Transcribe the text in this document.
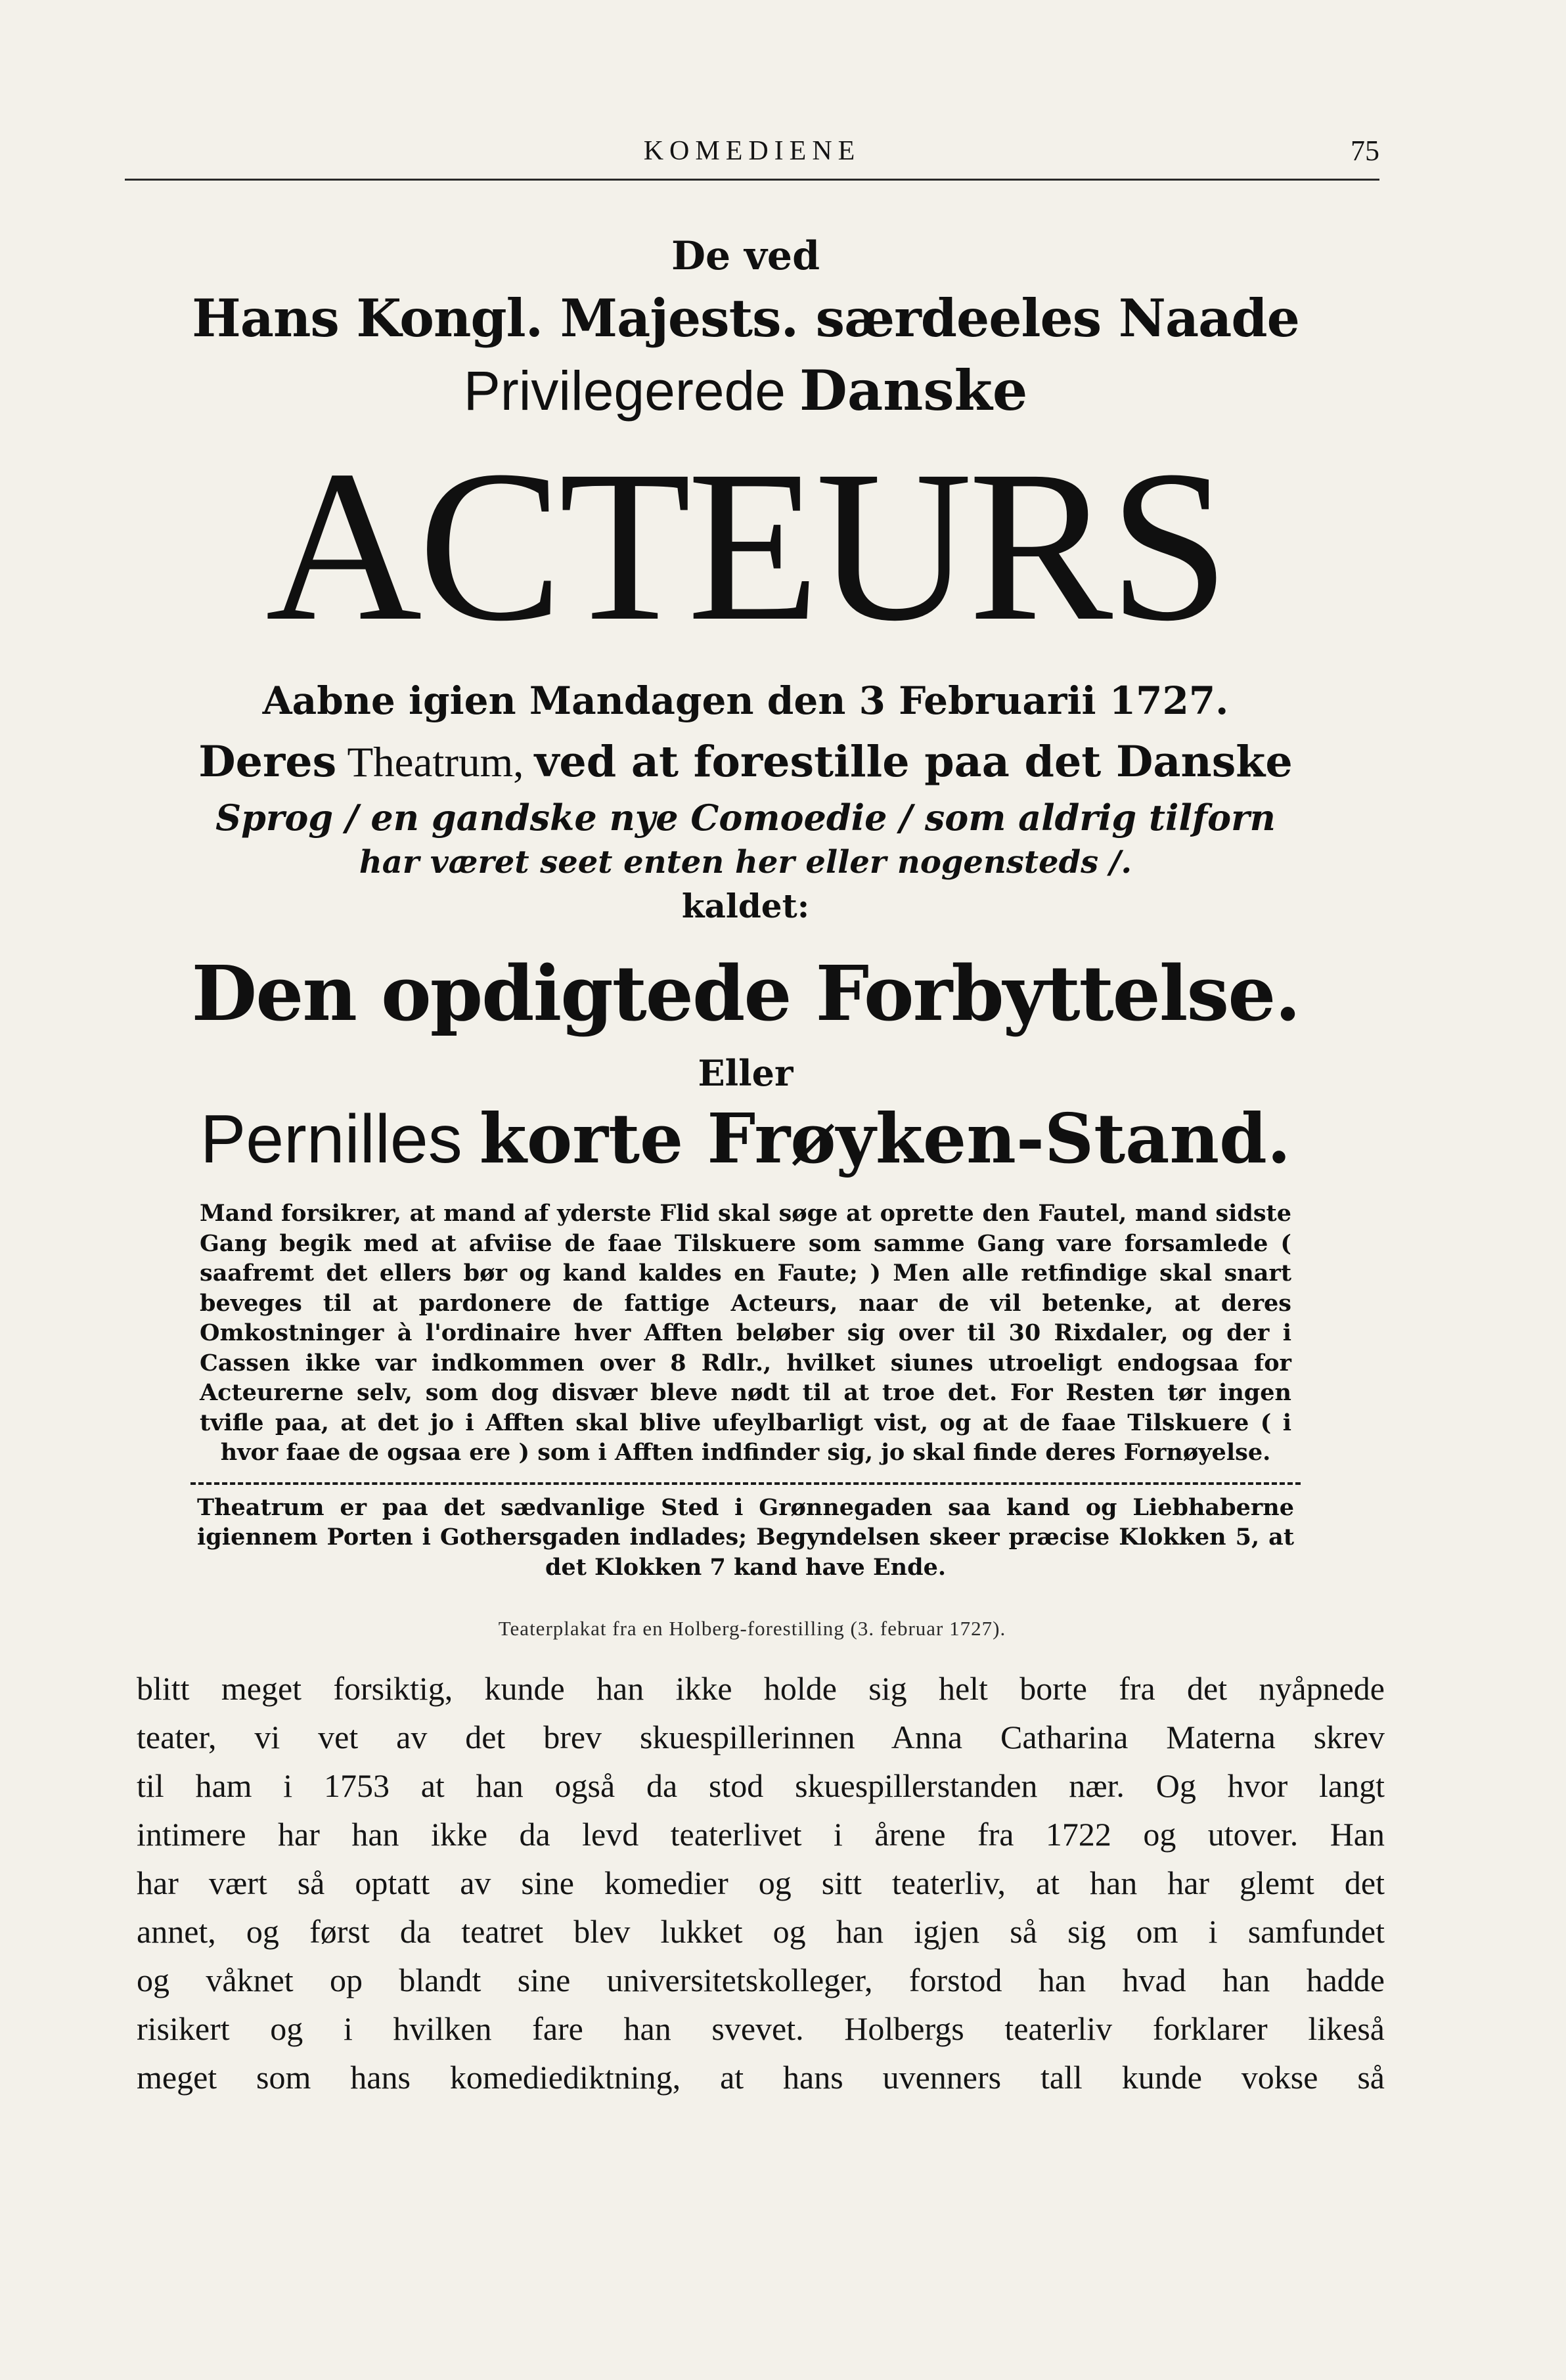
KOMEDIENE	75
De ved
Hans Kongl. Majests. særdeeles Naade
Privilegerede Danske
ACTEURS
Aabne igien Mandagen den 3 Februarii 1727.
Deres Theatrum, ved at forestille paa det Danske
Sprog / en gandske nye Comoedie / som aldrig tilforn
har været seet enten her eller nogensteds /.
kaldet:
Den opdigtede Forbyttelse.
Eller
Pernilles korte Frøyken-Stand.
Mand forsikrer, at mand af yderste Flid skal søge at oprette den Fautel, mand sidste Gang begik med at afviise de faae Tilskuere som samme Gang vare forsamlede ( saafremt det ellers bør og kand kaldes en Faute; ) Men alle retfindige skal snart beveges til at pardonere de fattige Acteurs, naar de vil betenke, at deres Omkostninger à l'ordinaire hver Afften beløber sig over til 30 Rixdaler, og der i Cassen ikke var indkommen over 8 Rdlr., hvilket siunes utroeligt endogsaa for Acteurerne selv, som dog disvær bleve nødt til at troe det. For Resten tør ingen tvifle paa, at det jo i Afften skal blive ufeylbarligt vist, og at de faae Tilskuere ( i hvor faae de ogsaa ere ) som i Afften indfinder sig, jo skal finde deres Fornøyelse.
Theatrum er paa det sædvanlige Sted i Grønnegaden saa kand og Liebhaberne igiennem Porten i Gothersgaden indlades; Begyndelsen skeer præcise Klokken 5, at det Klokken 7 kand have Ende.
Teaterplakat fra en Holberg-forestilling (3. februar 1727).
blitt meget forsiktig, kunde han ikke holde sig helt borte fra det nyåpnede
teater, vi vet av det brev skuespillerinnen Anna Catharina Materna skrev
til ham i 1753 at han også da stod skuespillerstanden nær. Og hvor langt
intimere har han ikke da levd teaterlivet i årene fra 1722 og utover. Han
har vært så optatt av sine komedier og sitt teaterliv, at han har glemt det
annet, og først da teatret blev lukket og han igjen så sig om i samfundet
og våknet op blandt sine universitetskolleger, forstod han hvad han hadde
risikert og i hvilken fare han svevet. Holbergs teaterliv forklarer likeså
meget som hans komediediktning, at hans uvenners tall kunde vokse så
